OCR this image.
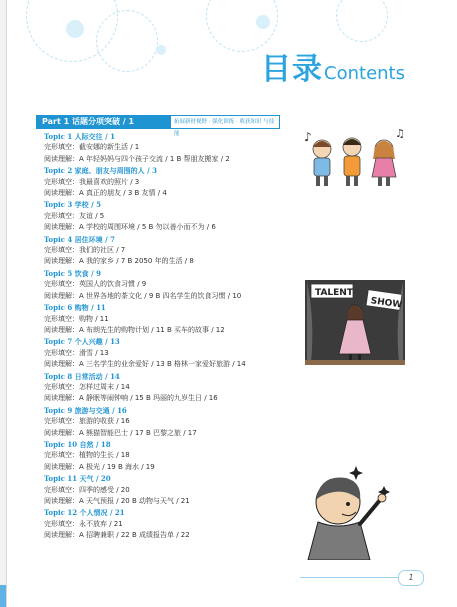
目录Contents
Part 1 话题分项突破 / 1	拓展新材视野 · 强化训练 · 收获知识 与技能
Topic 1 人际交往 / 1
完形填空：截安娜的新生活 / 1
阅读理解：A 年轻妈妈与四个孩子交流 / 1 B 帮朋友搬家 / 2
Topic 2 家庭、朋友与周围的人 / 3
完形填空：我最喜欢的照片 / 3
阅读理解：A 真正的朋友 / 3 B 友情 / 4
Topic 3 学校 / 5
完形填空：友谊 / 5
阅读理解：A 学校的周围环境 / 5 B 勿以善小而不为 / 6
Topic 4 居住环境 / 7
完形填空：我们的社区 / 7
阅读理解：A 我的家乡 / 7 B 2050 年的生活 / 8
Topic 5 饮食 / 9
完形填空：英国人的饮食习惯 / 9
阅读理解：A 世界各地的茶文化 / 9 B 四名学生的饮食习惯 / 10
Topic 6 购物 / 11
完形填空：购物 / 11
阅读理解：A 布朗先生的购物计划 / 11 B 买车的故事 / 12
Topic 7 个人兴趣 / 13
完形填空：滑雪 / 13
阅读理解：A 三名学生的业余爱好 / 13 B 格林一家爱好旅游 / 14
Topic 8 日常活动 / 14
完形填空：怎样过周末 / 14
阅读理解：A 静眠等闹钟响 / 15 B 玛丽的九岁生日 / 16
Topic 9 旅游与交通 / 16
完形填空：旅游的收获 / 16
阅读理解：A 熊猫智能巴士 / 17 B 巴黎之旅 / 17
Topic 10 自然 / 18
完形填空：植物的生长 / 18
阅读理解：A 极光 / 19 B 海水 / 19
Topic 11 天气 / 20
完形填空：四季的感受 / 20
阅读理解：A 天气预报 / 20 B 动物与天气 / 21
Topic 12 个人情况 / 21
完形填空：永不放弃 / 21
阅读理解：A 招聘兼职 / 22 B 成绩报告单 / 22
♪	♫
TALENT
SHOW
1
